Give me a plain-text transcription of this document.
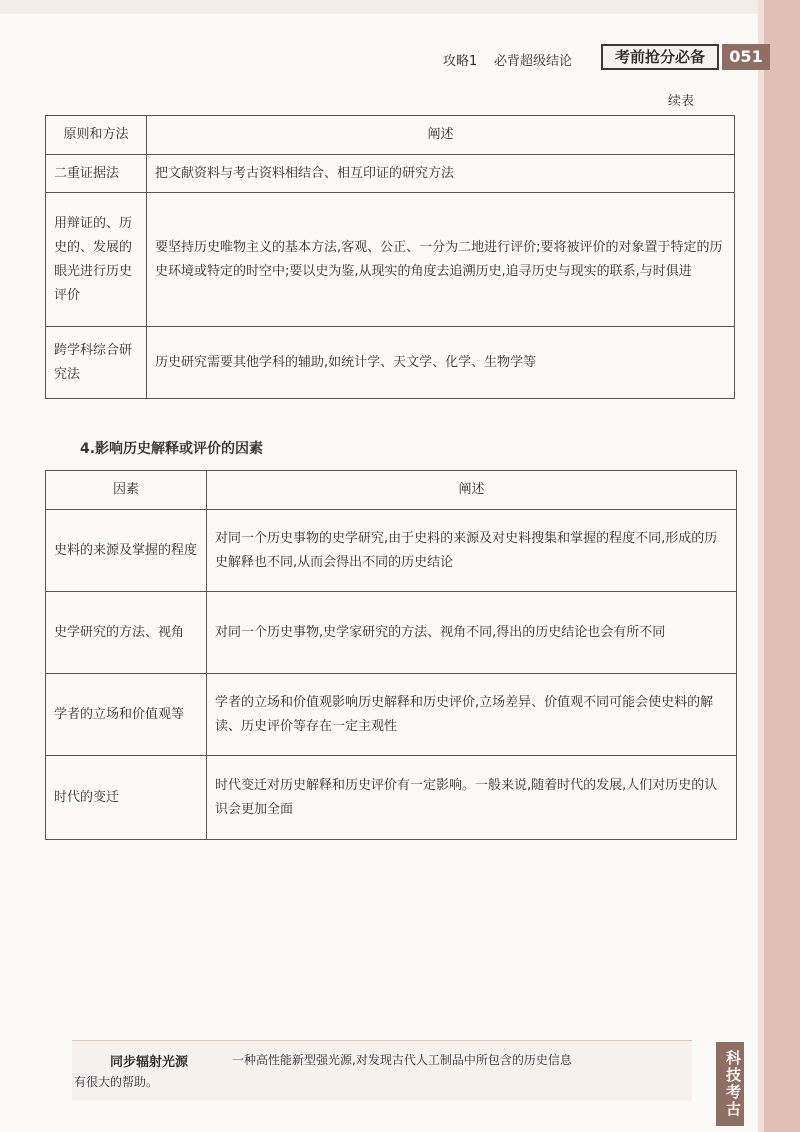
攻略1 必背超级结论	考前抢分必备	051
续表
原则和方法	阐述
二重证据法	把文献资料与考古资料相结合、相互印证的研究方法
用辩证的、历史的、发展的眼光进行历史评价	要坚持历史唯物主义的基本方法,客观、公正、一分为二地进行评价;要将被评价的对象置于特定的历史环境或特定的时空中;要以史为鉴,从现实的角度去追溯历史,追寻历史与现实的联系,与时俱进
跨学科综合研究法	历史研究需要其他学科的辅助,如统计学、天文学、化学、生物学等
4.影响历史解释或评价的因素
因素	阐述
史料的来源及掌握的程度	对同一个历史事物的史学研究,由于史料的来源及对史料搜集和掌握的程度不同,形成的历史解释也不同,从而会得出不同的历史结论
史学研究的方法、视角	对同一个历史事物,史学家研究的方法、视角不同,得出的历史结论也会有所不同
学者的立场和价值观等	学者的立场和价值观影响历史解释和历史评价,立场差异、价值观不同可能会使史料的解读、历史评价等存在一定主观性
时代的变迁	时代变迁对历史解释和历史评价有一定影响。一般来说,随着时代的发展,人们对历史的认识会更加全面
同步辐射光源	一种高性能新型强光源,对发现古代人工制品中所包含的历史信息
有很大的帮助。	科技考古
